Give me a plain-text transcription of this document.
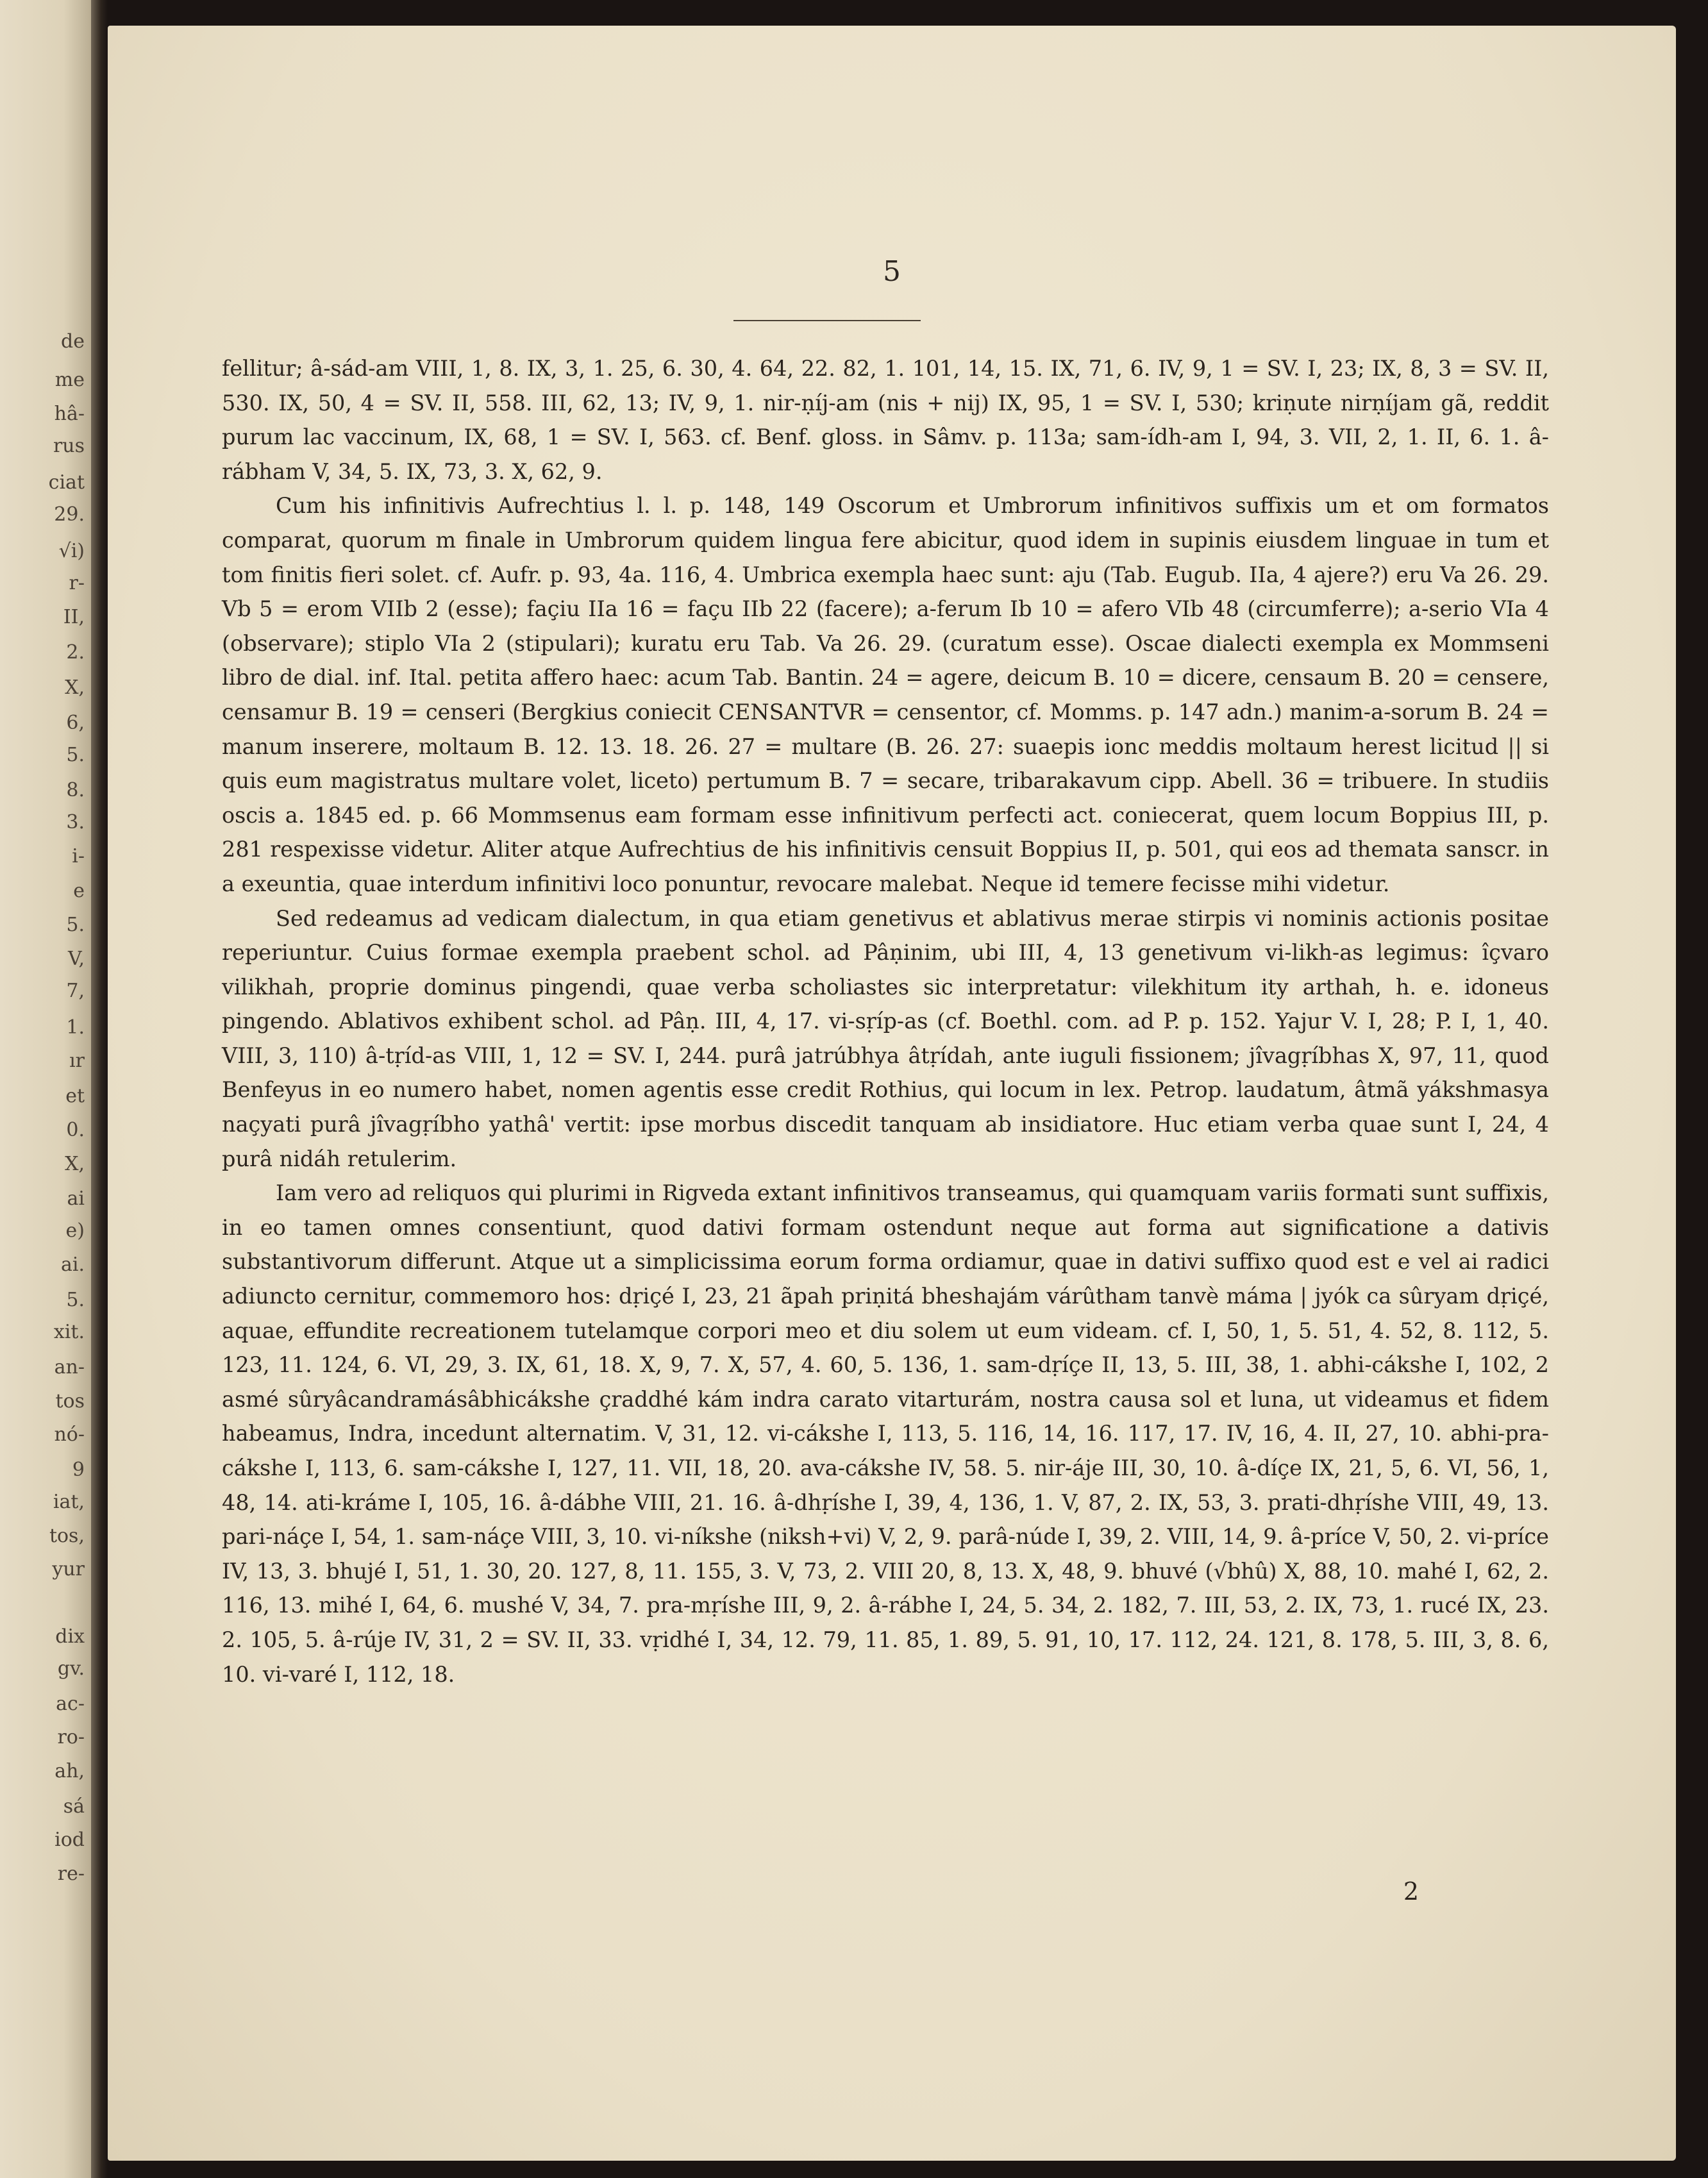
de
me
hâ-
rus
ciat
29.
√i)
r-
II,
2.
X,
6,
5.
8.
3.
i-
e
5.
V,
7,
1.
ır
et
0.
X,
ai
e)
ai.
5.
xit.
an-
tos
nó-
9
iat,
tos,
yur
dix
gv.
ac-
ro-
ah,
sá
iod
re-
5

fellitur; â-sád-am VIII, 1, 8. IX, 3, 1. 25, 6. 30, 4. 64, 22. 82, 1. 101, 14, 15. IX, 71, 6. IV, 9, 1 = SV. I, 23; IX, 8, 3 = SV. II, 530. IX, 50, 4 = SV. II, 558. III, 62, 13; IV, 9, 1. nir-ṇíj-am (nis + nij) IX, 95, 1 = SV. I, 530; kriṇute nirṇíjam gã, reddit purum lac vaccinum, IX, 68, 1 = SV. I, 563. cf. Benf. gloss. in Sâmv. p. 113a; sam-ídh-am I, 94, 3. VII, 2, 1. II, 6. 1. â-rábham V, 34, 5. IX, 73, 3. X, 62, 9.

Cum his infinitivis Aufrechtius l. l. p. 148, 149 Oscorum et Umbrorum infinitivos suffixis um et om formatos comparat, quorum m finale in Umbrorum quidem lingua fere abicitur, quod idem in supinis eiusdem linguae in tum et tom finitis fieri solet. cf. Aufr. p. 93, 4a. 116, 4. Umbrica exempla haec sunt: aju (Tab. Eugub. IIa, 4 ajere?) eru Va 26. 29. Vb 5 = erom VIIb 2 (esse); façiu IIa 16 = façu IIb 22 (facere); a-ferum Ib 10 = afero VIb 48 (circumferre); a-serio VIa 4 (observare); stiplo VIa 2 (stipulari); kuratu eru Tab. Va 26. 29. (curatum esse). Oscae dialecti exempla ex Mommseni libro de dial. inf. Ital. petita affero haec: acum Tab. Bantin. 24 = agere, deicum B. 10 = dicere, censaum B. 20 = censere, censamur B. 19 = censeri (Bergkius coniecit CENSANTVR = censentor, cf. Momms. p. 147 adn.) manim-a-sorum B. 24 = manum inserere, moltaum B. 12. 13. 18. 26. 27 = multare (B. 26. 27: suaepis ionc meddis moltaum herest licitud || si quis eum magistratus multare volet, liceto) pertumum B. 7 = secare, tribarakavum cipp. Abell. 36 = tribuere. In studiis oscis a. 1845 ed. p. 66 Mommsenus eam formam esse infinitivum perfecti act. coniecerat, quem locum Boppius III, p. 281 respexisse videtur. Aliter atque Aufrechtius de his infinitivis censuit Boppius II, p. 501, qui eos ad themata sanscr. in a exeuntia, quae interdum infinitivi loco ponuntur, revocare malebat. Neque id temere fecisse mihi videtur.

Sed redeamus ad vedicam dialectum, in qua etiam genetivus et ablativus merae stirpis vi nominis actionis positae reperiuntur. Cuius formae exempla praebent schol. ad Pâṇinim, ubi III, 4, 13 genetivum vi-likh-as legimus: îçvaro vilikhah, proprie dominus pingendi, quae verba scholiastes sic interpretatur: vilekhitum ity arthah, h. e. idoneus pingendo. Ablativos exhibent schol. ad Pâṇ. III, 4, 17. vi-sṛíp-as (cf. Boethl. com. ad P. p. 152. Yajur V. I, 28; P. I, 1, 40. VIII, 3, 110) â-tṛíd-as VIII, 1, 12 = SV. I, 244. purâ jatrúbhya âtṛídah, ante iuguli fissionem; jîvagṛíbhas X, 97, 11, quod Benfeyus in eo numero habet, nomen agentis esse credit Rothius, qui locum in lex. Petrop. laudatum, âtmã yákshmasya naçyati purâ jîvagṛíbho yathâ' vertit: ipse morbus discedit tanquam ab insidiatore. Huc etiam verba quae sunt I, 24, 4 purâ nidáh retulerim.

Iam vero ad reliquos qui plurimi in Rigveda extant infinitivos transeamus, qui quamquam variis formati sunt suffixis, in eo tamen omnes consentiunt, quod dativi formam ostendunt neque aut forma aut significatione a dativis substantivorum differunt. Atque ut a simplicissima eorum forma ordiamur, quae in dativi suffixo quod est e vel ai radici adiuncto cernitur, commemoro hos: dṛiçé I, 23, 21 ãpah priṇitá bheshajám várûtham tanvè máma | jyók ca sûryam dṛiçé, aquae, effundite recreationem tutelamque corpori meo et diu solem ut eum videam. cf. I, 50, 1, 5. 51, 4. 52, 8. 112, 5. 123, 11. 124, 6. VI, 29, 3. IX, 61, 18. X, 9, 7. X, 57, 4. 60, 5. 136, 1. sam-dṛíçe II, 13, 5. III, 38, 1. abhi-cákshe I, 102, 2 asmé sûryâcandramásâbhicákshe çraddhé kám indra carato vitarturám, nostra causa sol et luna, ut videamus et fidem habeamus, Indra, incedunt alternatim. V, 31, 12. vi-cákshe I, 113, 5. 116, 14, 16. 117, 17. IV, 16, 4. II, 27, 10. abhi-pra-cákshe I, 113, 6. sam-cákshe I, 127, 11. VII, 18, 20. ava-cákshe IV, 58. 5. nir-áje III, 30, 10. â-díçe IX, 21, 5, 6. VI, 56, 1, 48, 14. ati-kráme I, 105, 16. â-dábhe VIII, 21. 16. â-dhṛíshe I, 39, 4, 136, 1. V, 87, 2. IX, 53, 3. prati-dhṛíshe VIII, 49, 13. pari-náçe I, 54, 1. sam-náçe VIII, 3, 10. vi-níkshe (niksh+vi) V, 2, 9. parâ-núde I, 39, 2. VIII, 14, 9. â-príce V, 50, 2. vi-príce IV, 13, 3. bhujé I, 51, 1. 30, 20. 127, 8, 11. 155, 3. V, 73, 2. VIII 20, 8, 13. X, 48, 9. bhuvé (√bhû) X, 88, 10. mahé I, 62, 2. 116, 13. mihé I, 64, 6. mushé V, 34, 7. pra-mṛíshe III, 9, 2. â-rábhe I, 24, 5. 34, 2. 182, 7. III, 53, 2. IX, 73, 1. rucé IX, 23. 2. 105, 5. â-rúje IV, 31, 2 = SV. II, 33. vṛidhé I, 34, 12. 79, 11. 85, 1. 89, 5. 91, 10, 17. 112, 24. 121, 8. 178, 5. III, 3, 8. 6, 10. vi-varé I, 112, 18.

2
